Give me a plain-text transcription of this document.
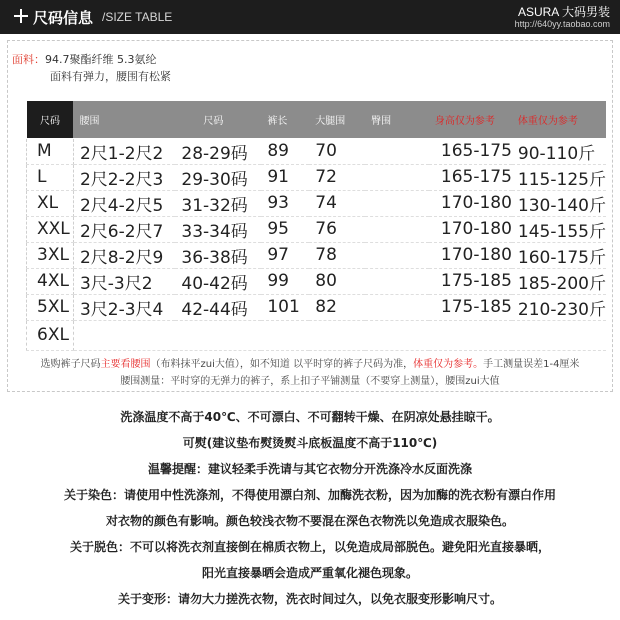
尺码信息 /SIZE TABLE	ASURA 大码男装
http://640yy.taobao.com
面料：94.7聚酯纤维 5.3氨纶
面料有弹力，腰围有松紧
尺码	腰围	尺码	裤长	大腿围	臀围	身高仅为参考	体重仅为参考
M	2尺1-2尺2	28-29码	89	70		165-175	90-110斤
L	2尺2-2尺3	29-30码	91	72		165-175	115-125斤
XL	2尺4-2尺5	31-32码	93	74		170-180	130-140斤
XXL	2尺6-2尺7	33-34码	95	76		170-180	145-155斤
3XL	2尺8-2尺9	36-38码	97	78		170-180	160-175斤
4XL	3尺-3尺2	40-42码	99	80		175-185	185-200斤
5XL	3尺2-3尺4	42-44码	101	82		175-185	210-230斤
6XL							
选购裤子尺码主要看腰围（布料抹平zui大值），如不知道 以平时穿的裤子尺码为准，体重仅为参考。手工测量误差1-4厘米
腰围测量：平时穿的无弹力的裤子，系上扣子平铺测量（不要穿上测量），腰围zui大值
洗涤温度不高于40℃、不可漂白、不可翻转干燥、在阴凉处悬挂晾干。
可熨(建议垫布熨烫熨斗底板温度不高于110℃)
温馨提醒：建议轻柔手洗请与其它衣物分开洗涤冷水反面洗涤
关于染色：请使用中性洗涤剂，不得使用漂白剂、加酶洗衣粉，因为加酶的洗衣粉有漂白作用
对衣物的颜色有影响。颜色较浅衣物不要混在深色衣物洗以免造成衣服染色。
关于脱色：不可以将洗衣剂直接倒在棉质衣物上，以免造成局部脱色。避免阳光直接暴晒，
阳光直接暴晒会造成严重氧化褪色现象。
关于变形：请勿大力搓洗衣物，洗衣时间过久，以免衣服变形影响尺寸。
